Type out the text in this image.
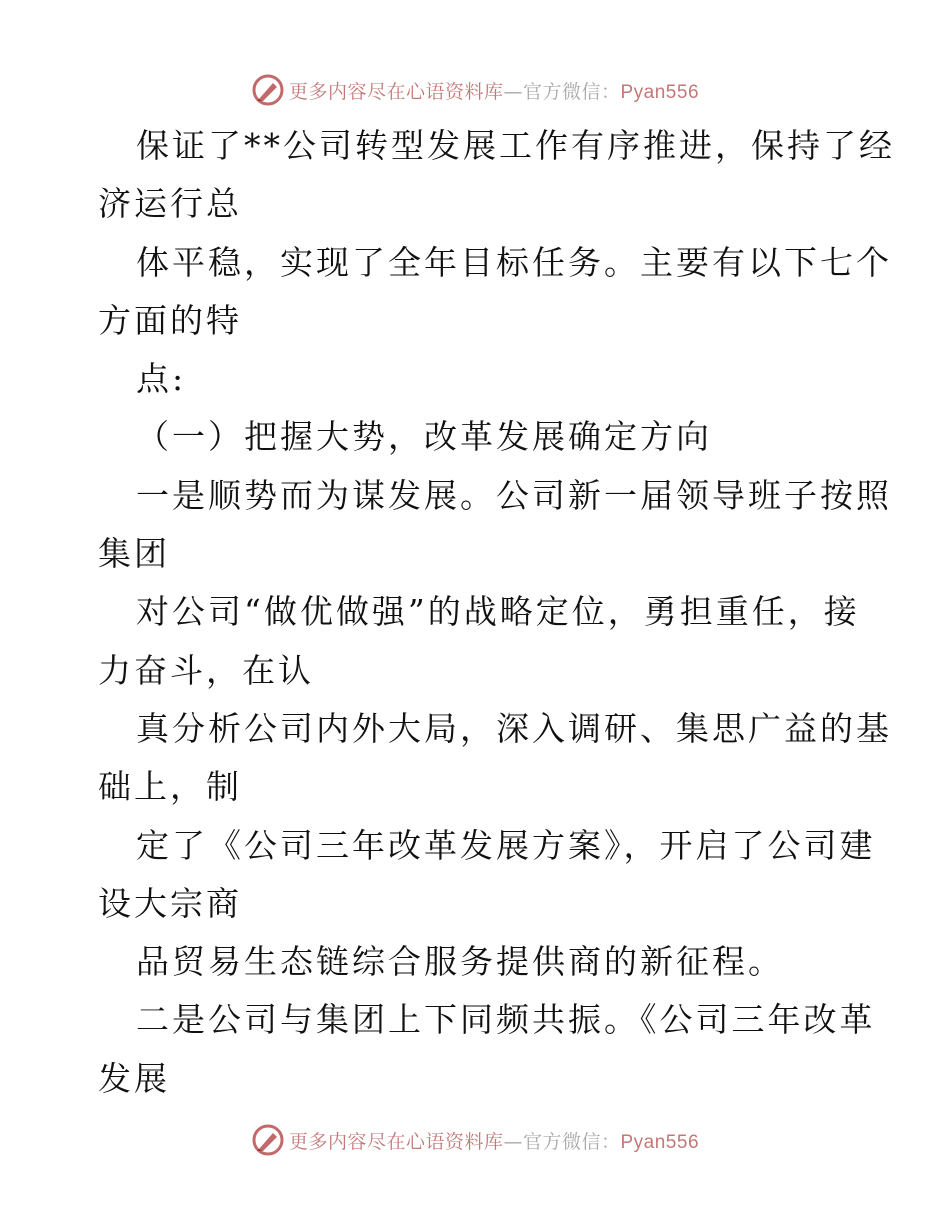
更多内容尽在心语资料库—官方微信：Pyan556
保证了**公司转型发展工作有序推进，保持了经
济运行总
体平稳，实现了全年目标任务。主要有以下七个
方面的特
点:
（一）把握大势，改革发展确定方向
一是顺势而为谋发展。公司新一届领导班子按照
集团
对公司“做优做强”的战略定位，勇担重任，接
力奋斗，在认
真分析公司内外大局，深入调研、集思广益的基
础上，制
定了《公司三年改革发展方案》，开启了公司建
设大宗商
品贸易生态链综合服务提供商的新征程。
二是公司与集团上下同频共振。《公司三年改革
发展
更多内容尽在心语资料库—官方微信：Pyan556
